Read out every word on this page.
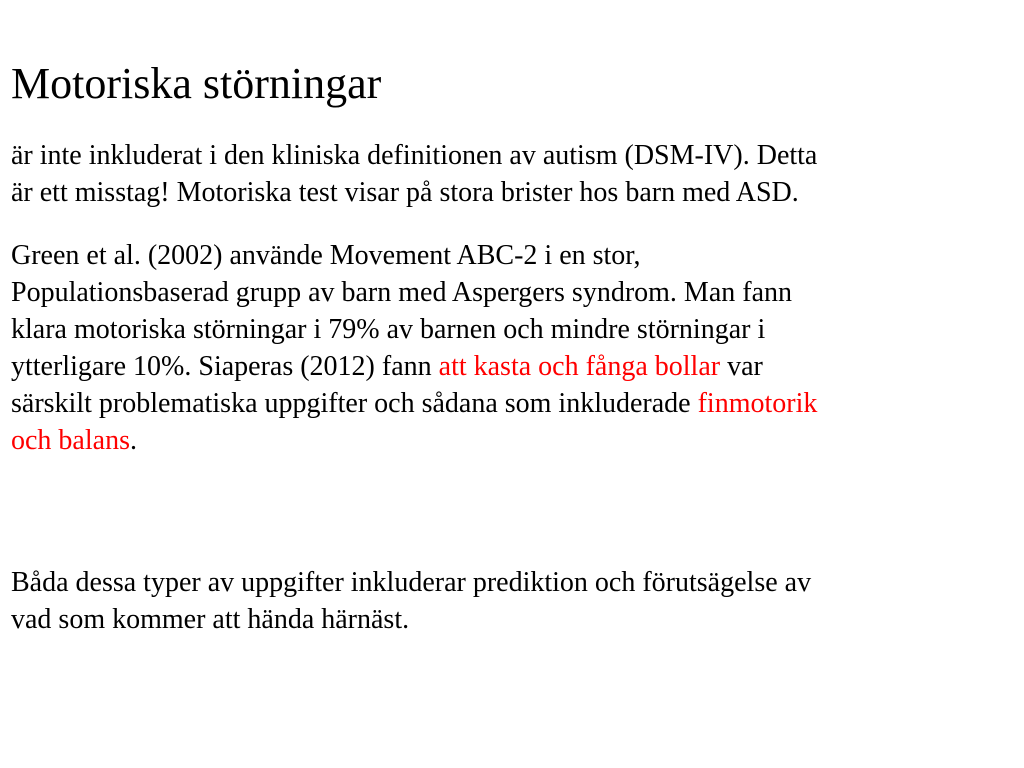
Motoriska störningar

är inte inkluderat i den kliniska definitionen av autism (DSM-IV). Detta
är ett misstag! Motoriska test visar på stora brister hos barn med ASD.

Green et al. (2002) använde Movement ABC-2 i en stor,
Populationsbaserad grupp av barn med Aspergers syndrom. Man fann
klara motoriska störningar i 79% av barnen och mindre störningar i
ytterligare 10%. Siaperas (2012) fann att kasta och fånga bollar var
särskilt problematiska uppgifter och sådana som inkluderade finmotorik
och balans.

Båda dessa typer av uppgifter inkluderar prediktion och förutsägelse av
vad som kommer att hända härnäst.
